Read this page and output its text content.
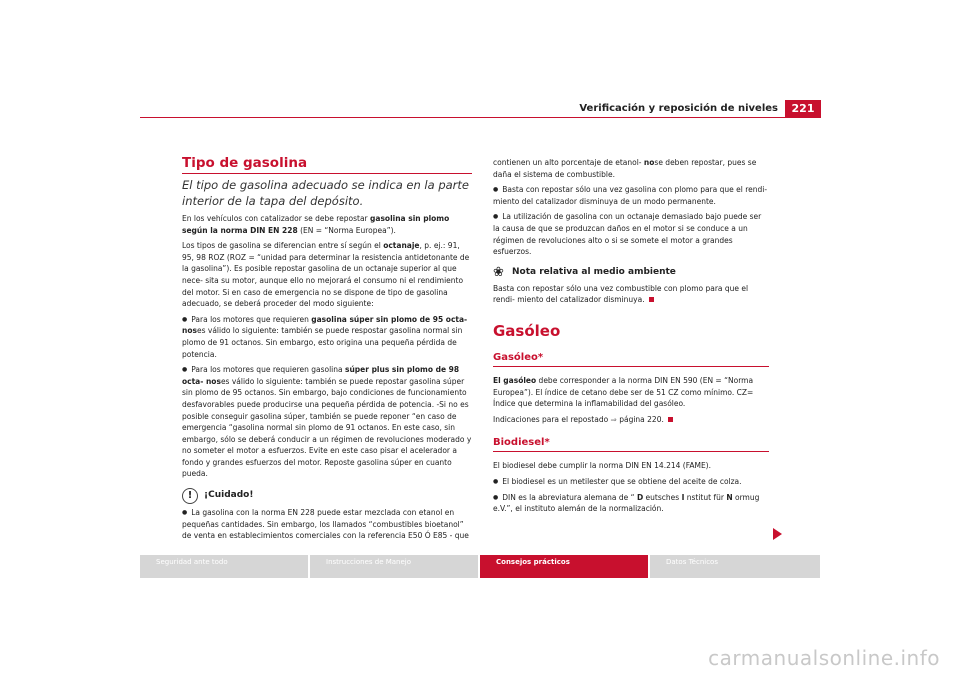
Verificación y reposición de niveles	221
Tipo de gasolina

El tipo de gasolina adecuado se indica en la parte interior de la tapa del depósito.

En los vehículos con catalizador se debe repostar gasolina sin plomo según la norma DIN EN 228 (EN = “Norma Europea”).

Los tipos de gasolina se diferencian entre sí según el octanaje, p. ej.: 91, 95, 98 ROZ (ROZ = “unidad para determinar la resistencia antidetonante de la gasolina”). Es posible repostar gasolina de un octanaje superior al que nece- sita su motor, aunque ello no mejorará el consumo ni el rendimiento del motor. Si en caso de emergencia no se dispone de tipo de gasolina adecuado, se deberá proceder del modo siguiente:

● Para los motores que requieren gasolina súper sin plomo de 95 octa- noses válido lo siguiente: también se puede respostar gasolina normal sin plomo de 91 octanos. Sin embargo, esto origina una pequeña pérdida de potencia.

● Para los motores que requieren gasolina súper plus sin plomo de 98 octa- noses válido lo siguiente: también se puede repostar gasolina súper sin plomo de 95 octanos. Sin embargo, bajo condiciones de funcionamiento desfavorables puede producirse una pequeña pérdida de potencia. -Si no es posible conseguir gasolina súper, también se puede reponer “en caso de emergencia “gasolina normal sin plomo de 91 octanos. En este caso, sin embargo, sólo se deberá conducir a un régimen de revoluciones moderado y no someter el motor a esfuerzos. Evite en este caso pisar el acelerador a fondo y grandes esfuerzos del motor. Reposte gasolina súper en cuanto pueda.

!	¡Cuidado!

● La gasolina con la norma EN 228 puede estar mezclada con etanol en pequeñas cantidades. Sin embargo, los llamados “combustibles bioetanol” de venta en establecimientos comerciales con la referencia E50 Ó E85 - que

contienen un alto porcentaje de etanol- nose deben repostar, pues se daña el sistema de combustible.

● Basta con repostar sólo una vez gasolina con plomo para que el rendi- miento del catalizador disminuya de un modo permanente.

● La utilización de gasolina con un octanaje demasiado bajo puede ser la causa de que se produzcan daños en el motor si se conduce a un régimen de revoluciones alto o si se somete el motor a grandes esfuerzos.

❀ Nota relativa al medio ambiente

Basta con repostar sólo una vez combustible con plomo para que el rendi- miento del catalizador disminuya.

Gasóleo
Gasóleo*

El gasóleo debe corresponder a la norma DIN EN 590 (EN = “Norma Europea”). El índice de cetano debe ser de 51 CZ como mínimo. CZ= Índice que determina la inflamabilidad del gasóleo.

Indicaciones para el repostado ⇒ página 220.

Biodiesel*

El biodiesel debe cumplir la norma DIN EN 14.214 (FAME).

● El biodiesel es un metilester que se obtiene del aceite de colza.

● DIN es la abreviatura alemana de “ D eutsches I nstitut für N ormug e.V.”, el instituto alemán de la normalización.

Seguridad ante todo	Instrucciones de Manejo	Consejos prácticos	Datos Técnicos
carmanualsonline.info
